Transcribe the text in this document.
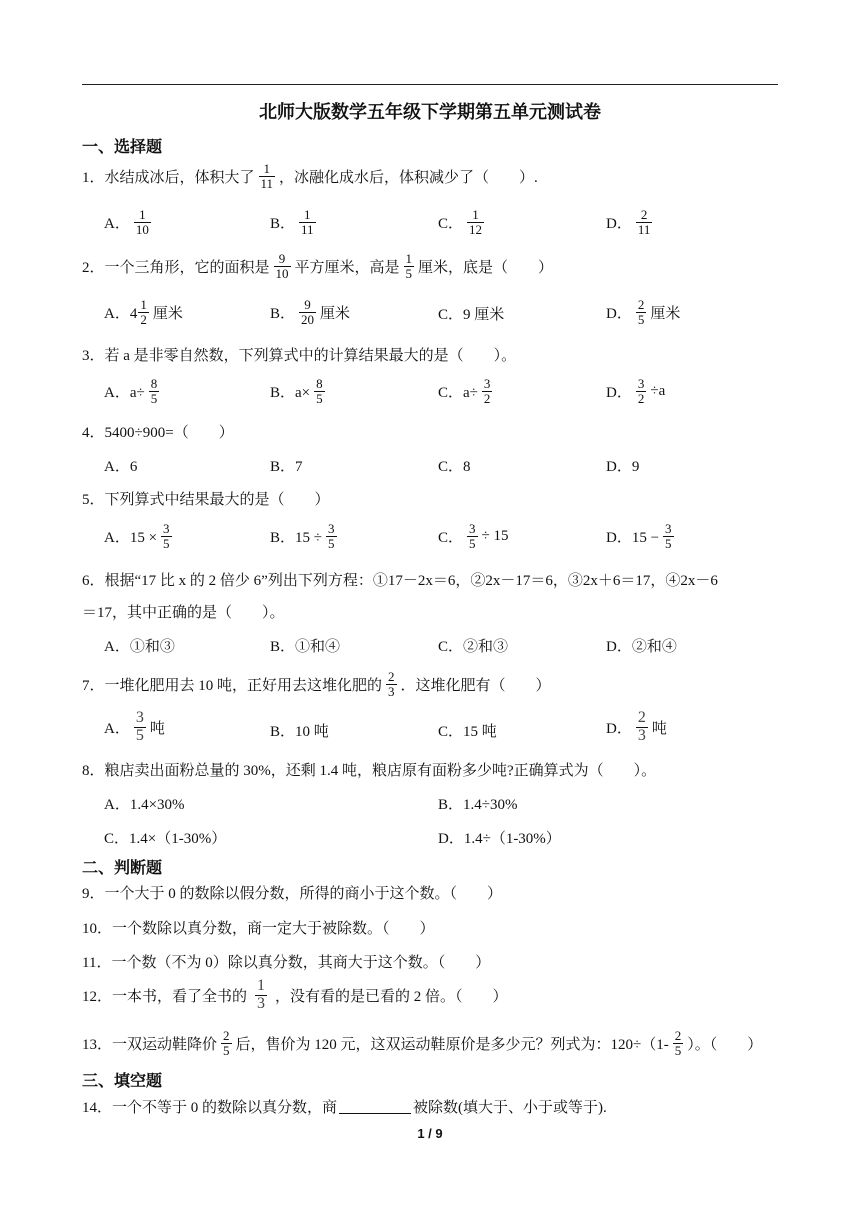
北师大版数学五年级下学期第五单元测试卷
一、选择题
1．水结成冰后，体积大了 $\frac{1}{11}$ ，冰融化成水后，体积减少了（　　）.
A． $\frac{1}{10}$	B． $\frac{1}{11}$	C． $\frac{1}{12}$	D． $\frac{2}{11}$
2．一个三角形，它的面积是 $\frac{9}{10}$ 平方厘米，高是 $\frac{1}{5}$ 厘米，底是（　　）
A．$4 \frac{1}{2}$ 厘米	B． $\frac{9}{20}$ 厘米	C．9 厘米	D． $\frac{2}{5}$ 厘米
3．若 a 是非零自然数，下列算式中的计算结果最大的是（　　）。
A．$a\div \frac{8}{5}$	B．$a\times \frac{8}{5}$	C．$a\div \frac{3}{2}$	D． $\frac{3}{2} \div a$
4．5400÷900=（　　）
A．6	B．7	C．8	D．9
5．下列算式中结果最大的是（　　）
A．$15 \times \frac{3}{5}$	B．$15 \div \frac{3}{5}$	C． $\frac{3}{5} \div 15$	D．$15 - \frac{3}{5}$
6．根据“17 比 x 的 2 倍少 6”列出下列方程：①17－2x＝6，②2x－17＝6，③2x＋6＝17，④2x－6
＝17，其中正确的是（　　）。
A．①和③	B．①和④	C．②和③	D．②和④
7．一堆化肥用去 10 吨，正好用去这堆化肥的 $\frac{2}{3}$ ．这堆化肥有（　　）
A． $\frac{3}{5}$ 吨	B．10 吨	C．15 吨	D． $\frac{2}{3}$ 吨
8．粮店卖出面粉总量的 30%，还剩 1.4 吨，粮店原有面粉多少吨?正确算式为（　　）。
A．1.4×30%	B．1.4÷30%
C．1.4×（1-30%）	D．1.4÷（1-30%）
二、判断题
9．一个大于 0 的数除以假分数，所得的商小于这个数。（　　）
10．一个数除以真分数，商一定大于被除数。（　　）
11．一个数（不为 0）除以真分数，其商大于这个数。（　　）
12．一本书，看了全书的 $\frac{1}{3}$ ，没有看的是已看的 2 倍。（　　）
13．一双运动鞋降价 $\frac{2}{5}$ 后，售价为 120 元，这双运动鞋原价是多少元？列式为：$120\div(1- \frac{2}{5}$ ）。（　　）
三、填空题
14．一个不等于 0 的数除以真分数，商	被除数(填大于、小于或等于).
1 / 9
